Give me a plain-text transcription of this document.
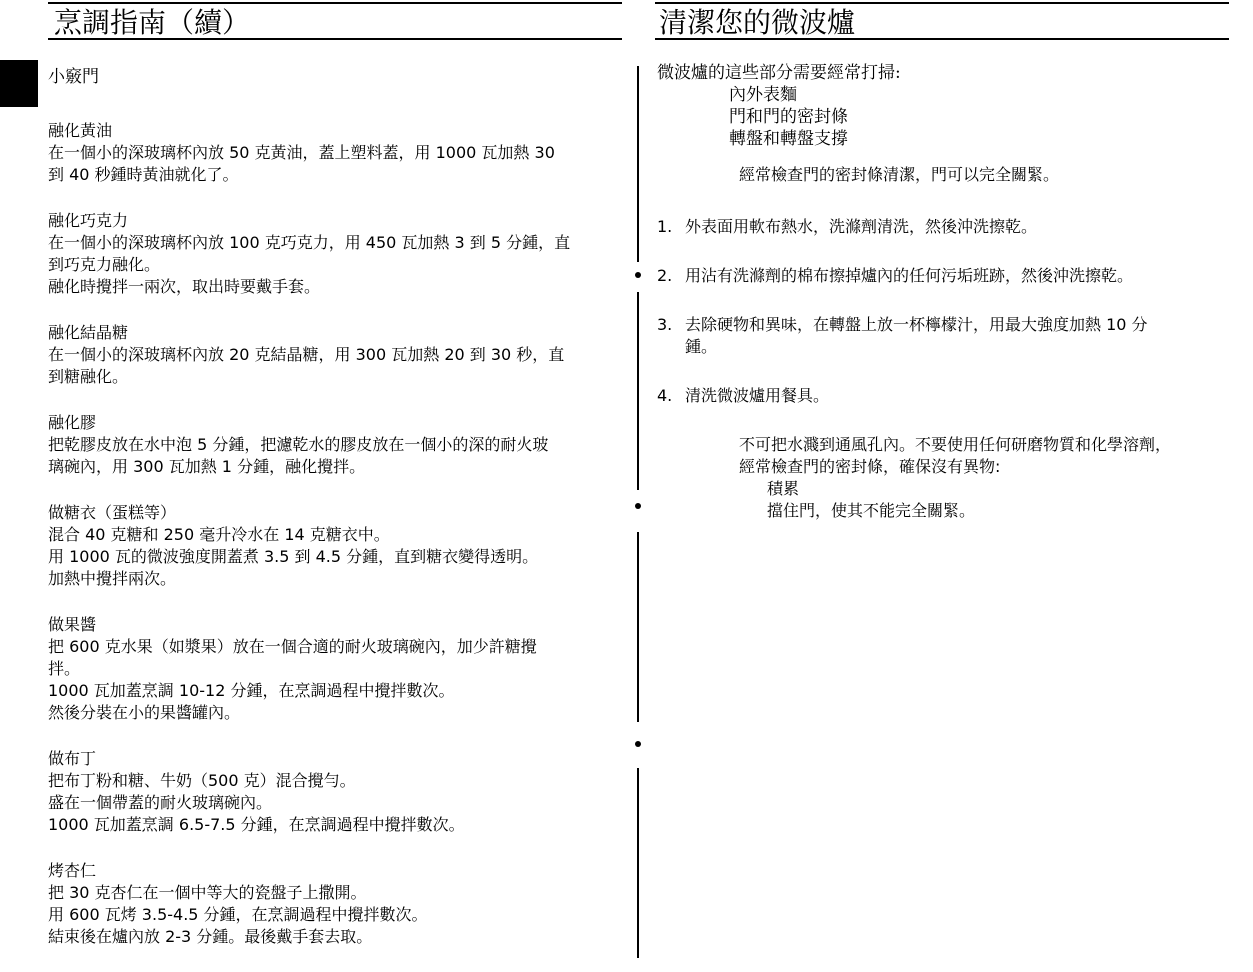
烹調指南（續）	清潔您的微波爐
小竅門
融化黃油
在一個小的深玻璃杯內放 50 克黃油，蓋上塑料蓋，用 1000 瓦加熱 30
到 40 秒鍾時黃油就化了。
融化巧克力
在一個小的深玻璃杯內放 100 克巧克力，用 450 瓦加熱 3 到 5 分鍾，直
到巧克力融化。
融化時攪拌一兩次，取出時要戴手套。
融化結晶糖
在一個小的深玻璃杯內放 20 克結晶糖，用 300 瓦加熱 20 到 30 秒，直
到糖融化。
融化膠
把乾膠皮放在水中泡 5 分鍾，把濾乾水的膠皮放在一個小的深的耐火玻
璃碗內，用 300 瓦加熱 1 分鍾，融化攪拌。
做糖衣（蛋糕等）
混合 40 克糖和 250 毫升冷水在 14 克糖衣中。
用 1000 瓦的微波強度開蓋煮 3.5 到 4.5 分鍾，直到糖衣變得透明。
加熱中攪拌兩次。
做果醬
把 600 克水果（如漿果）放在一個合適的耐火玻璃碗內，加少許糖攪
拌。
1000 瓦加蓋烹調 10-12 分鍾，在烹調過程中攪拌數次。
然後分裝在小的果醬罐內。
做布丁
把布丁粉和糖、牛奶（500 克）混合攪勻。
盛在一個帶蓋的耐火玻璃碗內。
1000 瓦加蓋烹調 6.5-7.5 分鍾，在烹調過程中攪拌數次。
烤杏仁
把 30 克杏仁在一個中等大的瓷盤子上撒開。
用 600 瓦烤 3.5-4.5 分鍾，在烹調過程中攪拌數次。
結束後在爐內放 2-3 分鍾。最後戴手套去取。

微波爐的這些部分需要經常打掃:

內外表麵
門和門的密封條
轉盤和轉盤支撐
經常檢查門的密封條清潔，門可以完全關緊。
1. 外表面用軟布熱水，洗滌劑清洗，然後沖洗擦乾。
2. 用沾有洗滌劑的棉布擦掉爐內的任何污垢班跡，然後沖洗擦乾。
3. 去除硬物和異味，在轉盤上放一杯檸檬汁，用最大強度加熱 10 分
鍾。
4. 清洗微波爐用餐具。
不可把水濺到通風孔內。不要使用任何研磨物質和化學溶劑，
經常檢查門的密封條，確保沒有異物:
積累
擋住門，使其不能完全關緊。
